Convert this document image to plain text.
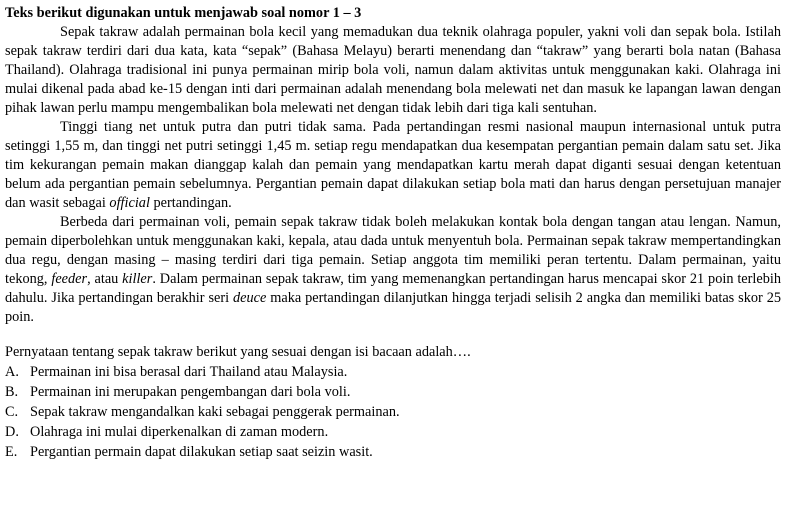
Teks berikut digunakan untuk menjawab soal nomor 1 – 3

Sepak takraw adalah permainan bola kecil yang memadukan dua teknik olahraga populer, yakni voli dan sepak bola. Istilah sepak takraw terdiri dari dua kata, kata “sepak” (Bahasa Melayu) berarti menendang dan “takraw” yang berarti bola natan (Bahasa Thailand). Olahraga tradisional ini punya permainan mirip bola voli, namun dalam aktivitas untuk menggunakan kaki. Olahraga ini mulai dikenal pada abad ke-15 dengan inti dari permainan adalah menendang bola melewati net dan masuk ke lapangan lawan dengan pihak lawan perlu mampu mengembalikan bola melewati net dengan tidak lebih dari tiga kali sentuhan.

Tinggi tiang net untuk putra dan putri tidak sama. Pada pertandingan resmi nasional maupun internasional untuk putra setinggi 1,55 m, dan tinggi net putri setinggi 1,45 m. setiap regu mendapatkan dua kesempatan pergantian pemain dalam satu set. Jika tim kekurangan pemain makan dianggap kalah dan pemain yang mendapatkan kartu merah dapat diganti sesuai dengan ketentuan belum ada pergantian pemain sebelumnya. Pergantian pemain dapat dilakukan setiap bola mati dan harus dengan persetujuan manajer dan wasit sebagai official pertandingan.

Berbeda dari permainan voli, pemain sepak takraw tidak boleh melakukan kontak bola dengan tangan atau lengan. Namun, pemain diperbolehkan untuk menggunakan kaki, kepala, atau dada untuk menyentuh bola. Permainan sepak takraw mempertandingkan dua regu, dengan masing – masing terdiri dari tiga pemain. Setiap anggota tim memiliki peran tertentu. Dalam permainan, yaitu tekong, feeder, atau killer. Dalam permainan sepak takraw, tim yang memenangkan pertandingan harus mencapai skor 21 poin terlebih dahulu. Jika pertandingan berakhir seri deuce maka pertandingan dilanjutkan hingga terjadi selisih 2 angka dan memiliki batas skor 25 poin.

Pernyataan tentang sepak takraw berikut yang sesuai dengan isi bacaan adalah….

A. Permainan ini bisa berasal dari Thailand atau Malaysia.
B. Permainan ini merupakan pengembangan dari bola voli.
C. Sepak takraw mengandalkan kaki sebagai penggerak permainan.
D. Olahraga ini mulai diperkenalkan di zaman modern.
E. Pergantian permain dapat dilakukan setiap saat seizin wasit.
